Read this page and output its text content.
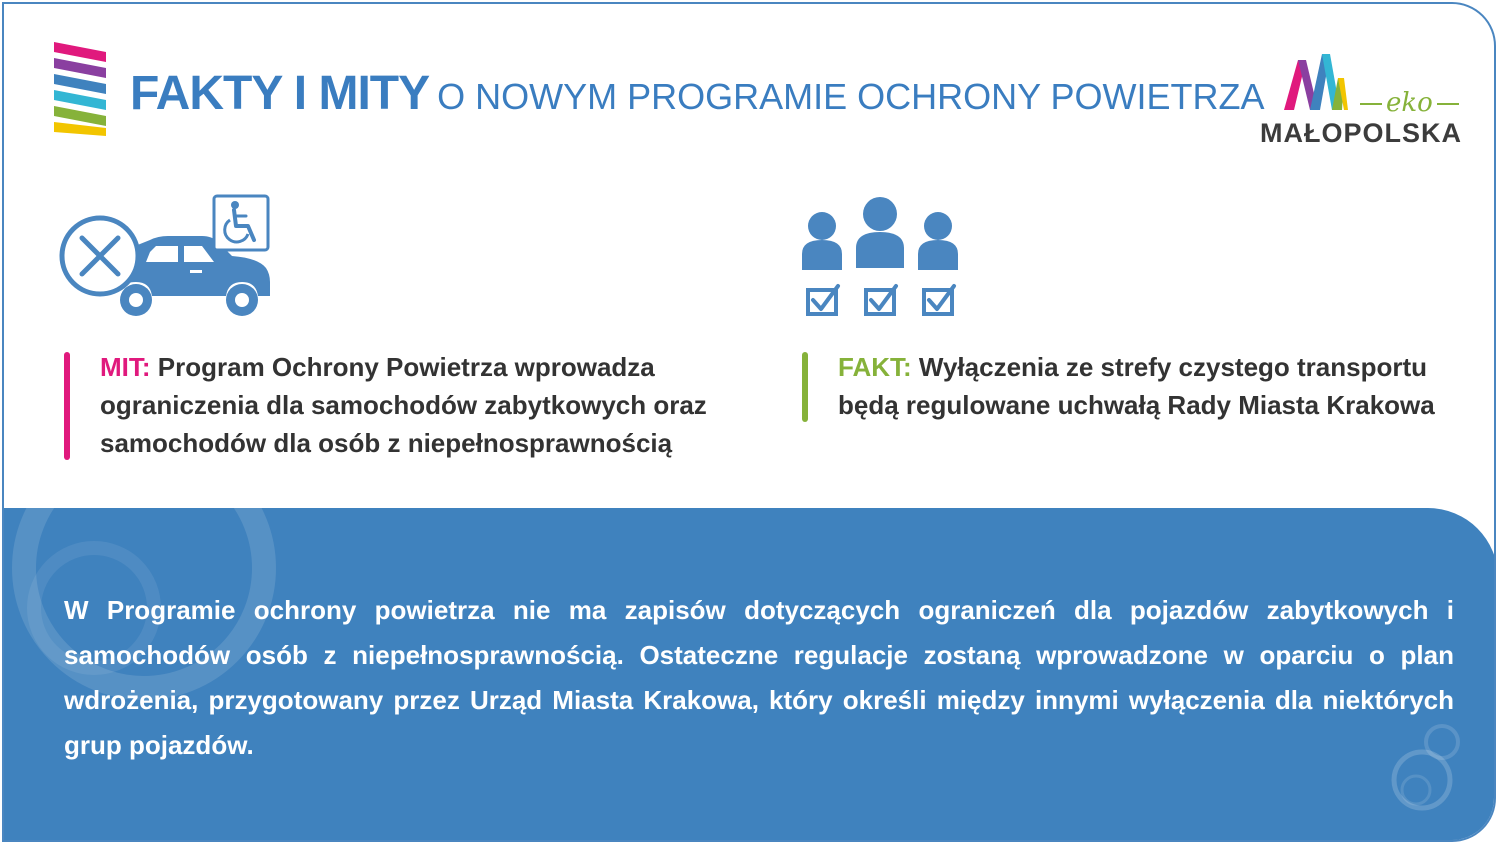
FAKTY I MITY O NOWYM PROGRAMIE OCHRONY POWIETRZA	eko
MAŁOPOLSKA
MIT: Program Ochrony Powietrza wprowadza ograniczenia dla samochodów zabytkowych oraz samochodów dla osób z niepełnosprawnością
FAKT: Wyłączenia ze strefy czystego transportu będą regulowane uchwałą Rady Miasta Krakowa

W Programie ochrony powietrza nie ma zapisów dotyczących ograniczeń dla pojazdów zabytkowych i samochodów osób z niepełnosprawnością. Ostateczne regulacje zostaną wprowadzone w oparciu o plan wdrożenia, przygotowany przez Urząd Miasta Krakowa, który określi między innymi wyłączenia dla niektórych grup pojazdów.
